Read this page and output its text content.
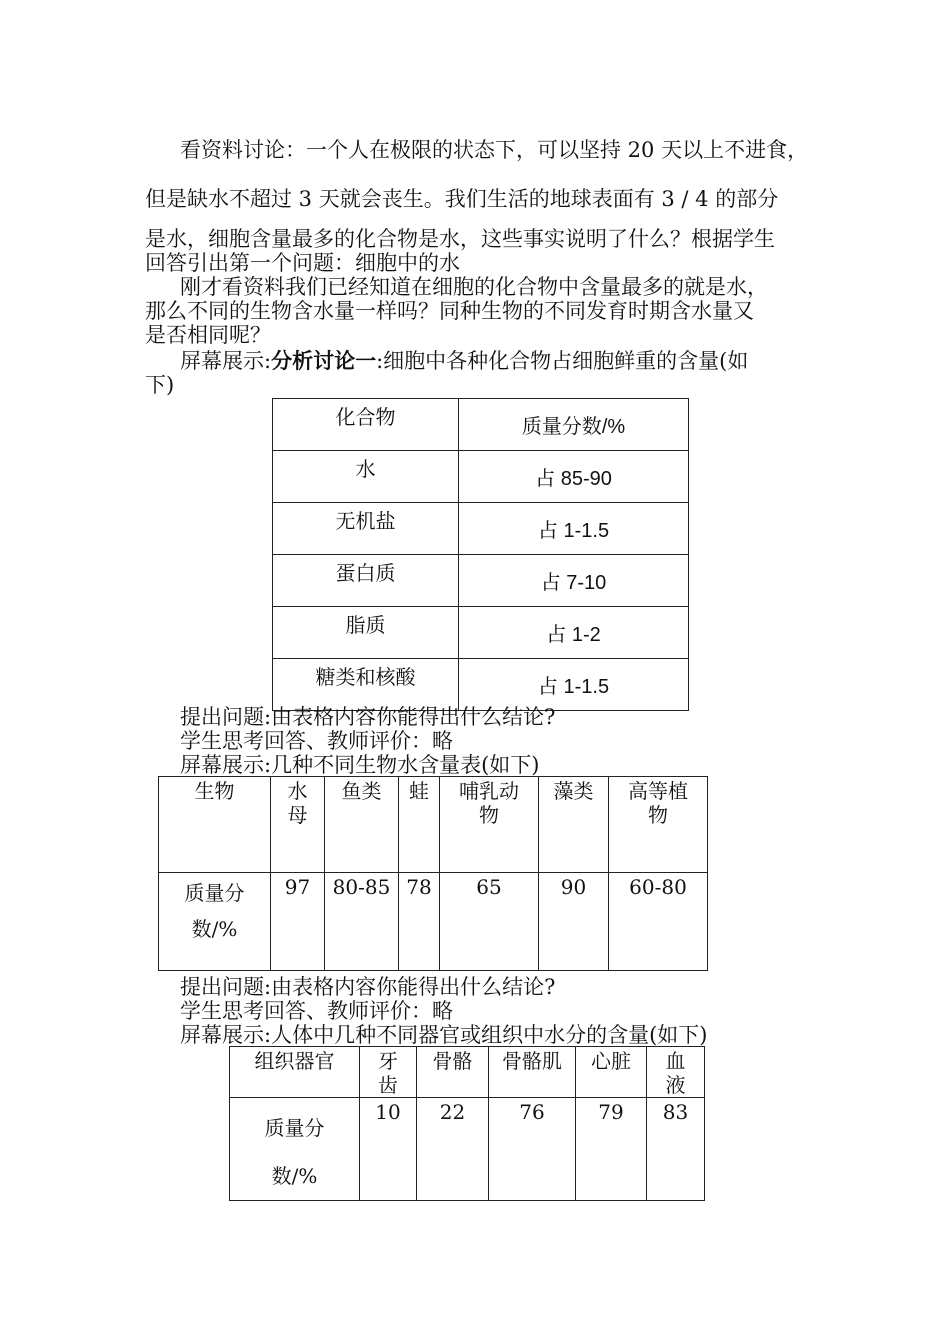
看资料讨论：一个人在极限的状态下，可以坚持 20 天以上不进食，
但是缺水不超过 3 天就会丧生。我们生活的地球表面有 3 / 4 的部分
是水，细胞含量最多的化合物是水，这些事实说明了什么？根据学生
回答引出第一个问题：细胞中的水
刚才看资料我们已经知道在细胞的化合物中含量最多的就是水，
那么不同的生物含水量一样吗？同种生物的不同发育时期含水量又
是否相同呢？
屏幕展示:分析讨论一:细胞中各种化合物占细胞鲜重的含量(如
下)
化合物	质量分数/%
水	占 85-90
无机盐	占 1-1.5
蛋白质	占 7-10
脂质	占 1-2
糖类和核酸	占 1-1.5
提出问题:由表格内容你能得出什么结论?
学生思考回答、教师评价：略
屏幕展示:几种不同生物水含量表(如下)
生物	水母	鱼类	蛙	哺乳动物	藻类	高等植物

质量分数/%	97	80-85	78	65	90	60-80
提出问题:由表格内容你能得出什么结论?
学生思考回答、教师评价：略
屏幕展示:人体中几种不同器官或组织中水分的含量(如下)
组织器官	牙齿	骨骼	骨骼肌	心脏	血液

质量分数/%	10	22	76	79	83
